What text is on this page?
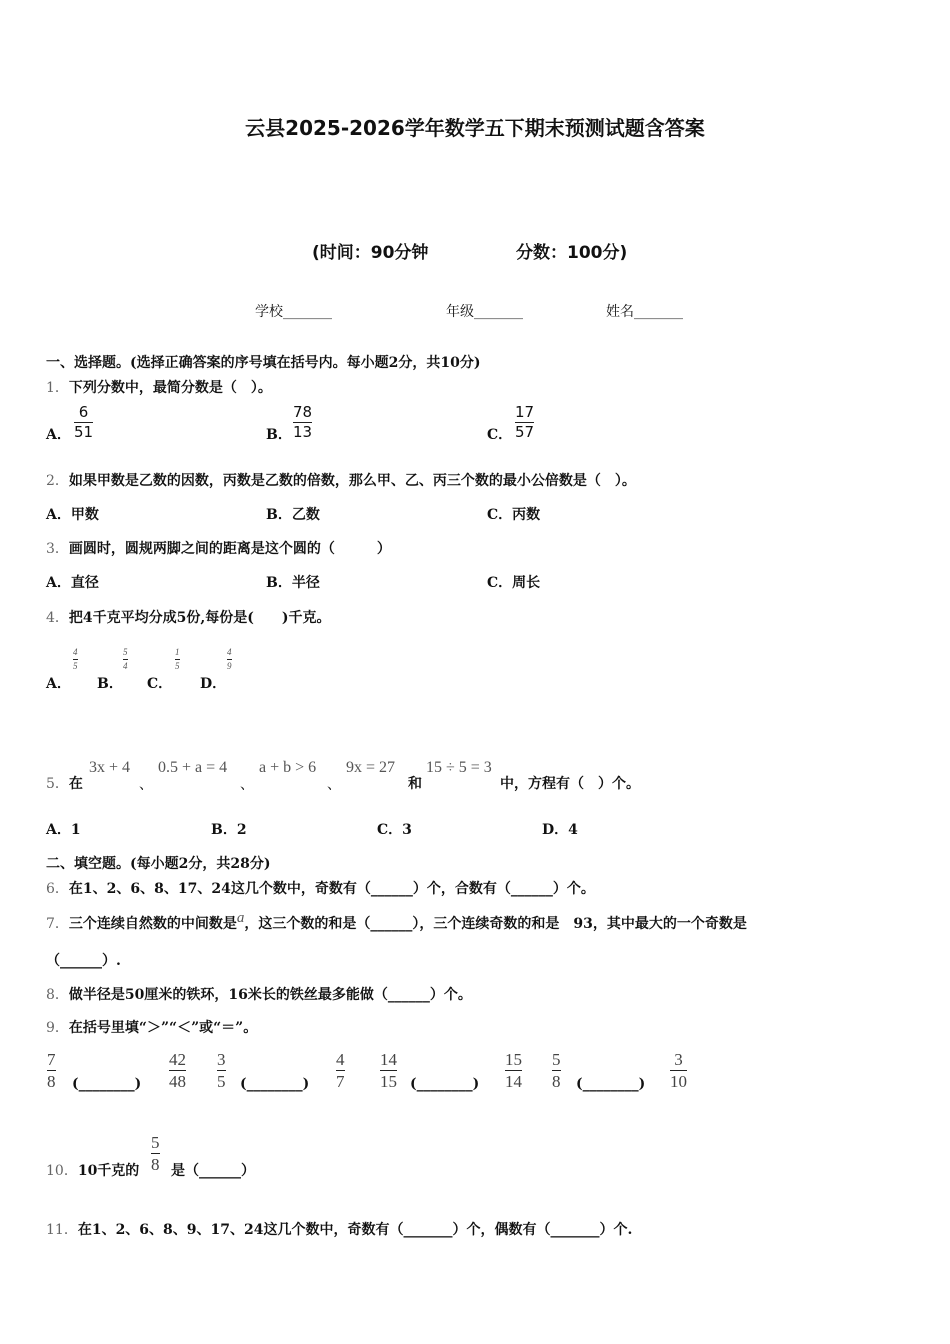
云县2025-2026学年数学五下期末预测试题含答案
(时间：90分钟	分数：100分)
学校_______	年级_______	姓名_______
一、选择题。(选择正确答案的序号填在括号内。每小题2分，共10分)
1．下列分数中，最简分数是（　）。
A．
6
51	B．
78
13	C．
17
57
2．如果甲数是乙数的因数，丙数是乙数的倍数，那么甲、乙、丙三个数的最小公倍数是（　）。
A．甲数	B．乙数	C．丙数
3．画圆时，圆规两脚之间的距离是这个圆的（　　　）
A．直径	B．半径	C．周长
4．把4千克平均分成5份,每份是(　　)千克。
A．
4
5
B．
5
4
C．
1
5
D．
4
9
5．在
3x + 4
、
0.5 + a = 4
、
a + b > 6
、
9x = 27
和
15 ÷ 5 = 3
中，方程有（　）个。
A．1	B．2	C．3	D．4
二、填空题。(每小题2分，共28分)
6．在1、2、6、8、17、24这几个数中，奇数有（______）个，合数有（______）个。
7．三个连续自然数的中间数是a，这三个数的和是（______），三个连续奇数的和是　93，其中最大的一个奇数是
（______）.
8．做半径是50厘米的铁环，16米长的铁丝最多能做（______）个。
9．在括号里填“＞”“＜”或“＝”。
7
8 (________)
42
48
3
5 (________)
4
7
14
15 (________)
15
14
5
8 (________)
3
10
10．10千克的
5
8 是（______）
11．在1、2、6、8、9、17、24这几个数中，奇数有（_______）个，偶数有（_______）个.
